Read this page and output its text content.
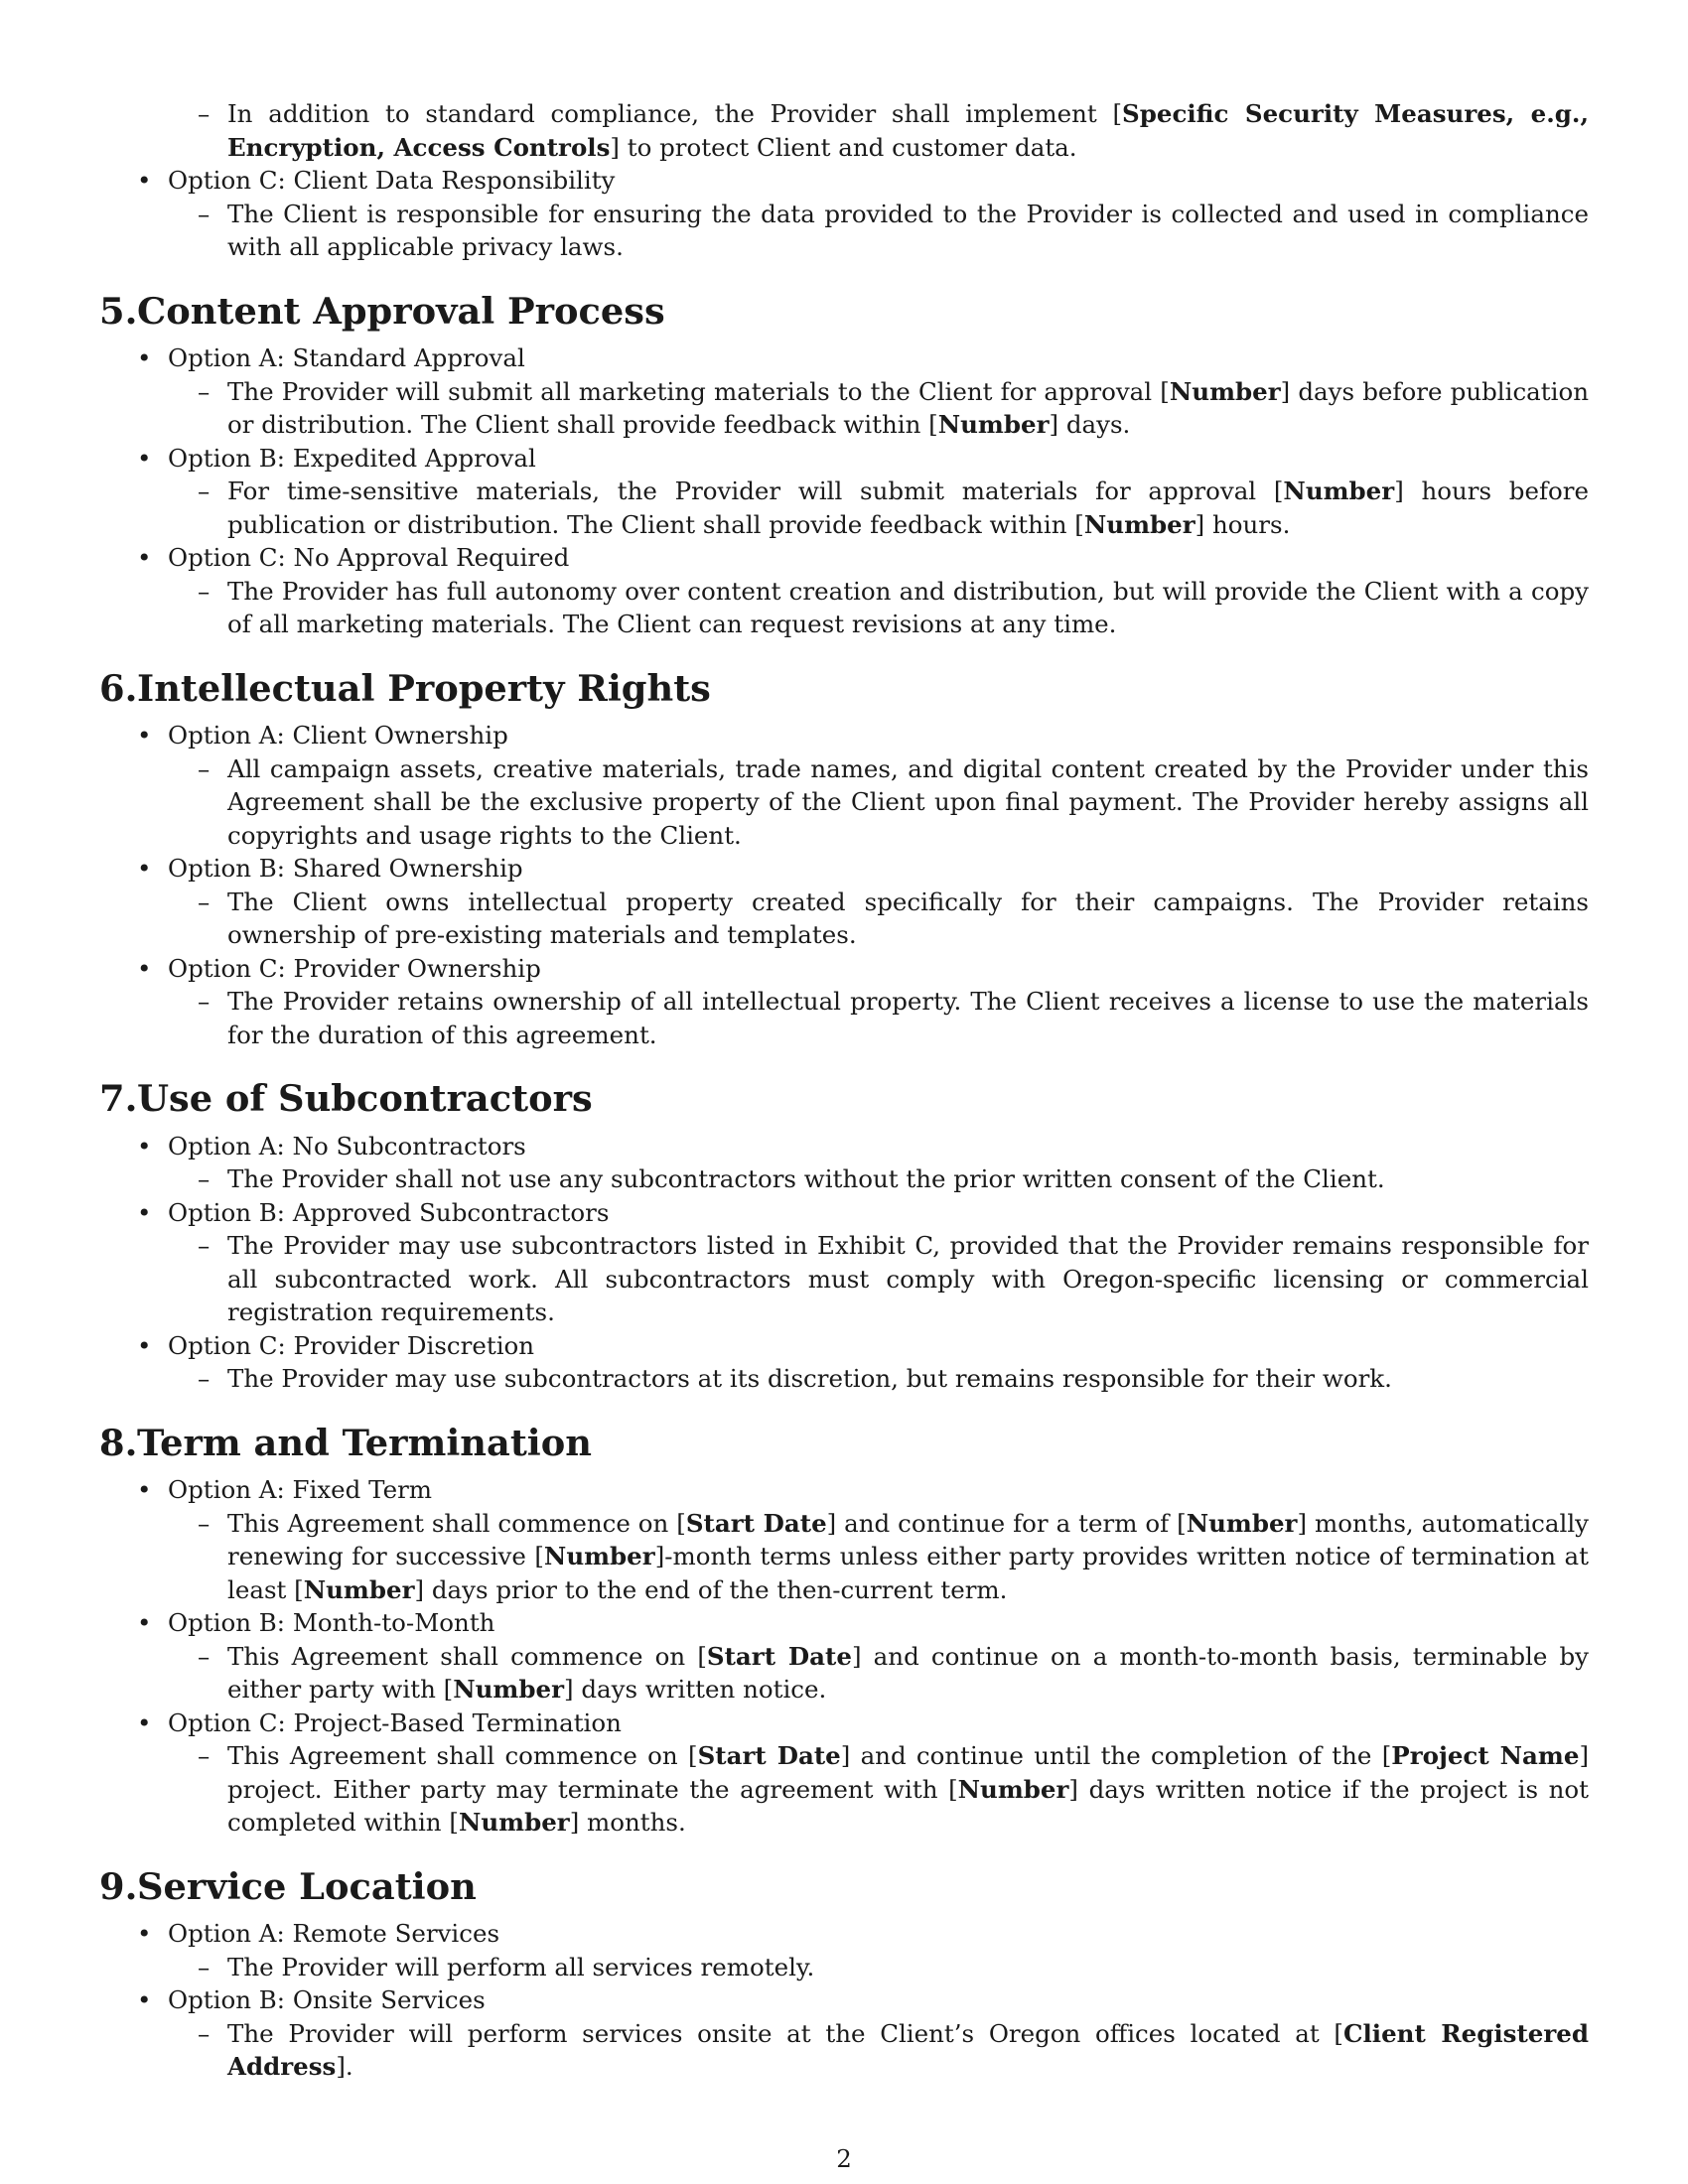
– In addition to standard compliance, the Provider shall implement [Specific Security Measures, e.g., Encryption, Access Controls] to protect Client and customer data.
• Option C: Client Data Responsibility
– The Client is responsible for ensuring the data provided to the Provider is collected and used in compliance with all applicable privacy laws.
5. Content Approval Process
• Option A: Standard Approval
– The Provider will submit all marketing materials to the Client for approval [Number] days before publication or distribution. The Client shall provide feedback within [Number] days.
• Option B: Expedited Approval
– For time-sensitive materials, the Provider will submit materials for approval [Number] hours before publication or distribution. The Client shall provide feedback within [Number] hours.
• Option C: No Approval Required
– The Provider has full autonomy over content creation and distribution, but will provide the Client with a copy of all marketing materials. The Client can request revisions at any time.
6. Intellectual Property Rights
• Option A: Client Ownership
– All campaign assets, creative materials, trade names, and digital content created by the Provider under this Agreement shall be the exclusive property of the Client upon final payment. The Provider hereby assigns all copyrights and usage rights to the Client.
• Option B: Shared Ownership
– The Client owns intellectual property created specifically for their campaigns. The Provider retains ownership of pre-existing materials and templates.
• Option C: Provider Ownership
– The Provider retains ownership of all intellectual property. The Client receives a license to use the materials for the duration of this agreement.
7. Use of Subcontractors
• Option A: No Subcontractors
– The Provider shall not use any subcontractors without the prior written consent of the Client.
• Option B: Approved Subcontractors
– The Provider may use subcontractors listed in Exhibit C, provided that the Provider remains responsible for all subcontracted work. All subcontractors must comply with Oregon-specific licensing or commercial registration requirements.
• Option C: Provider Discretion
– The Provider may use subcontractors at its discretion, but remains responsible for their work.
8. Term and Termination
• Option A: Fixed Term
– This Agreement shall commence on [Start Date] and continue for a term of [Number] months, automatically renewing for successive [Number]-month terms unless either party provides written notice of termination at least [Number] days prior to the end of the then-current term.
• Option B: Month-to-Month
– This Agreement shall commence on [Start Date] and continue on a month-to-month basis, terminable by either party with [Number] days written notice.
• Option C: Project-Based Termination
– This Agreement shall commence on [Start Date] and continue until the completion of the [Project Name] project. Either party may terminate the agreement with [Number] days written notice if the project is not completed within [Number] months.
9. Service Location
• Option A: Remote Services
– The Provider will perform all services remotely.
• Option B: Onsite Services
– The Provider will perform services onsite at the Client’s Oregon offices located at [Client Registered Address].
2
